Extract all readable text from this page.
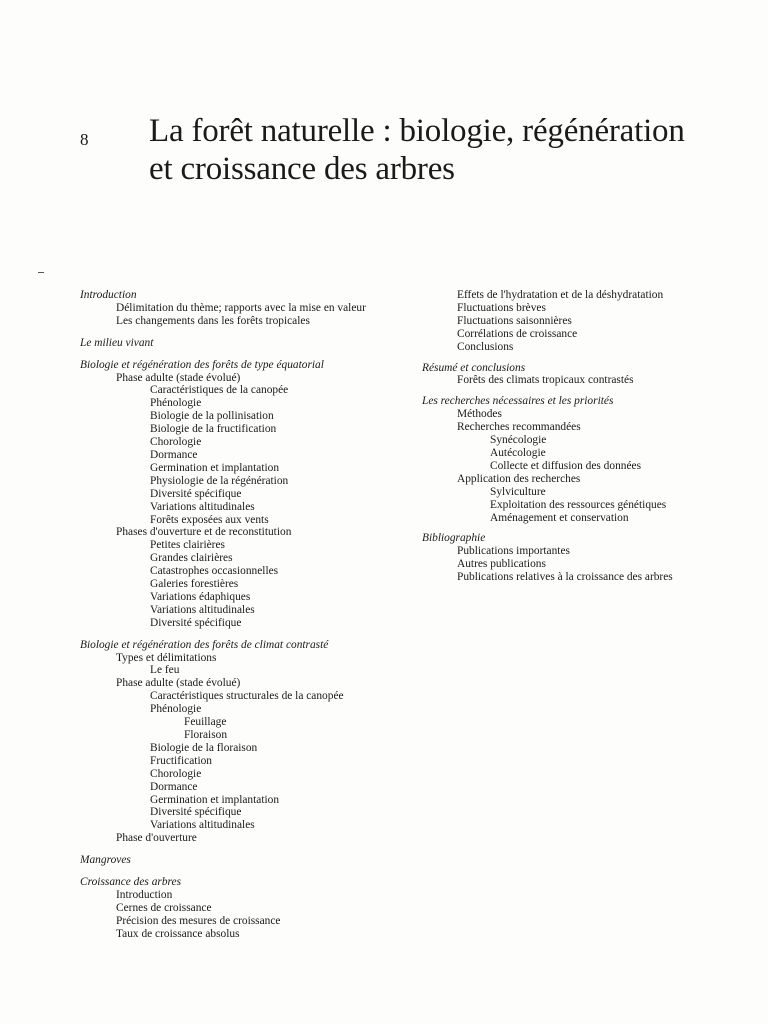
8 La forêt naturelle : biologie, régénération
et croissance des arbres
Introduction
Délimitation du thème; rapports avec la mise en valeur
Les changements dans les forêts tropicales
Le milieu vivant
Biologie et régénération des forêts de type équatorial
Phase adulte (stade évolué)
Caractéristiques de la canopée
Phénologie
Biologie de la pollinisation
Biologie de la fructification
Chorologie
Dormance
Germination et implantation
Physiologie de la régénération
Diversité spécifique
Variations altitudinales
Forêts exposées aux vents
Phases d'ouverture et de reconstitution
Petites clairières
Grandes clairières
Catastrophes occasionnelles
Galeries forestières
Variations édaphiques
Variations altitudinales
Diversité spécifique
Biologie et régénération des forêts de climat contrasté
Types et délimitations
Le feu
Phase adulte (stade évolué)
Caractéristiques structurales de la canopée
Phénologie
Feuillage
Floraison
Biologie de la floraison
Fructification
Chorologie
Dormance
Germination et implantation
Diversité spécifique
Variations altitudinales
Phase d'ouverture
Mangroves
Croissance des arbres
Introduction
Cernes de croissance
Précision des mesures de croissance
Taux de croissance absolus
Effets de l'hydratation et de la déshydratation
Fluctuations brèves
Fluctuations saisonnières
Corrélations de croissance
Conclusions
Résumé et conclusions
Forêts des climats tropicaux contrastés
Les recherches nécessaires et les priorités
Méthodes
Recherches recommandées
Synécologie
Autécologie
Collecte et diffusion des données
Application des recherches
Sylviculture
Exploitation des ressources génétiques
Aménagement et conservation
Bibliographie
Publications importantes
Autres publications
Publications relatives à la croissance des arbres
